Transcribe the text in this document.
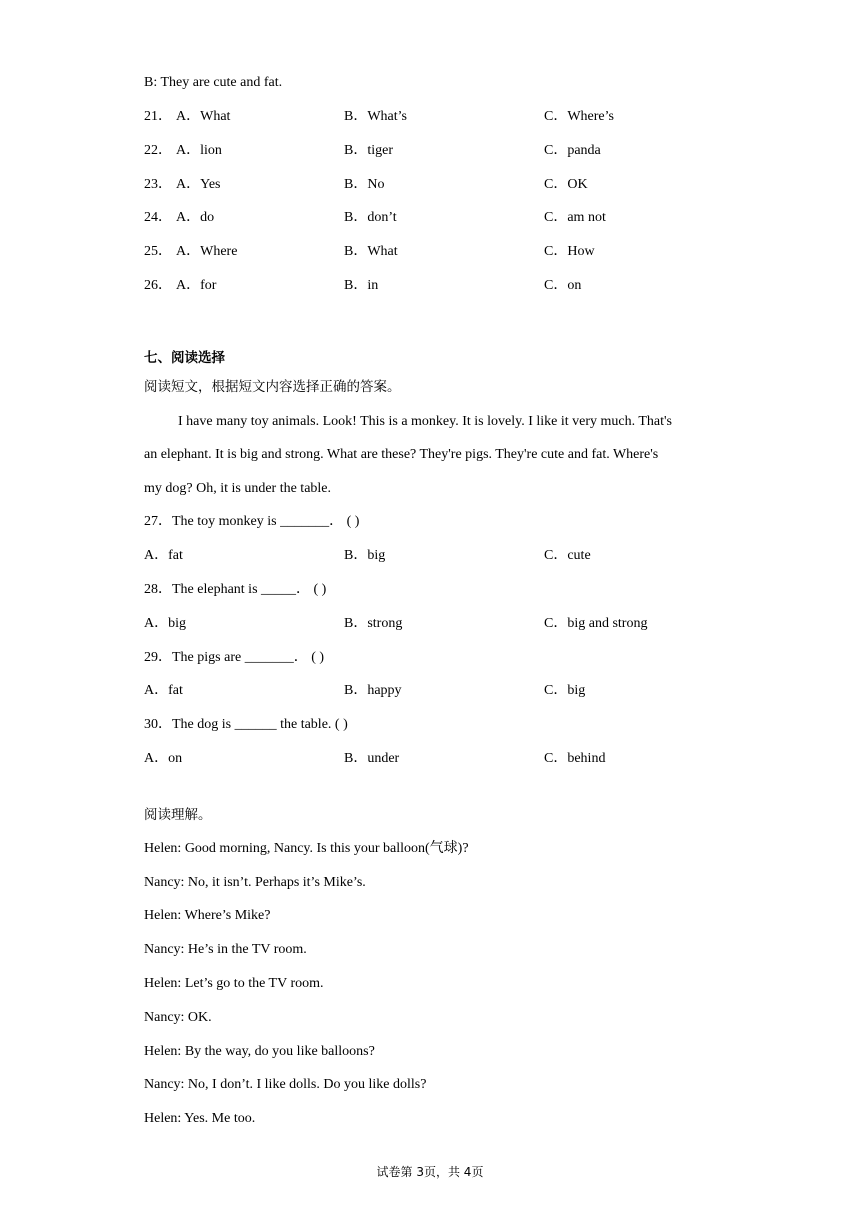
B: They are cute and fat.
21． A．What	B．What’s	C．Where’s
22． A．lion	B．tiger	C．panda
23． A．Yes	B．No	C．OK
24． A．do	B．don’t	C．am not
25． A．Where	B．What	C．How
26． A．for	B．in	C．on
七、阅读选择
阅读短文，根据短文内容选择正确的答案。
I have many toy animals. Look! This is a monkey. It is lovely. I like it very much. That's
an elephant. It is big and strong. What are these? They're pigs. They're cute and fat. Where's
my dog? Oh, it is under the table.
27．The toy monkey is _______． ( )
A．fat	B．big	C．cute
28．The elephant is _____． ( )
A．big	B．strong	C．big and strong
29．The pigs are _______． ( )
A．fat	B．happy	C．big
30．The dog is ______ the table. ( )
A．on	B．under	C．behind
阅读理解。
Helen: Good morning, Nancy. Is this your balloon(气球)?
Nancy: No, it isn’t. Perhaps it’s Mike’s.
Helen: Where’s Mike?
Nancy: He’s in the TV room.
Helen: Let’s go to the TV room.
Nancy: OK.
Helen: By the way, do you like balloons?
Nancy: No, I don’t. I like dolls. Do you like dolls?
Helen: Yes. Me too.
试卷第 3页，共 4页
